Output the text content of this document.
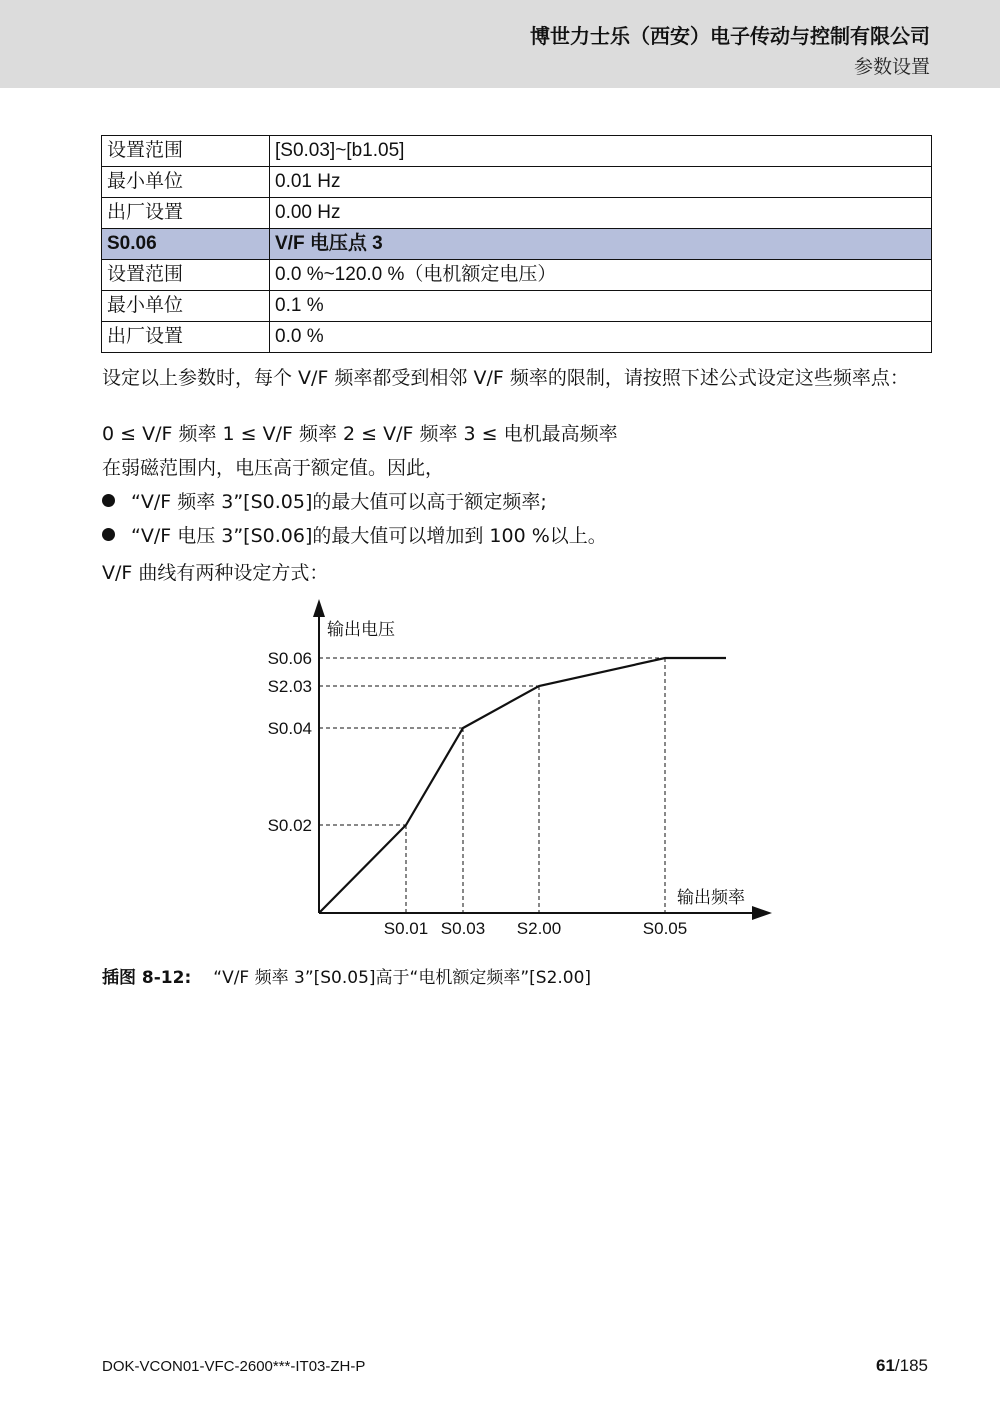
博世力士乐（西安）电子传动与控制有限公司
参数设置
设置范围	[S0.03]~[b1.05]
最小单位	0.01 Hz
出厂设置	0.00 Hz
S0.06	V/F 电压点 3
设置范围	0.0 %~120.0 %（电机额定电压）
最小单位	0.1 %
出厂设置	0.0 %
设定以上参数时，每个 V/F 频率都受到相邻 V/F 频率的限制，请按照下述公式设定这些频率点：
0 ≤ V/F 频率 1 ≤ V/F 频率 2 ≤ V/F 频率 3 ≤ 电机最高频率
在弱磁范围内，电压高于额定值。因此，
“V/F 频率 3”[S0.05]的最大值可以高于额定频率;
“V/F 电压 3”[S0.06]的最大值可以增加到 100 %以上。
V/F 曲线有两种设定方式：
输出电压
输出频率
S0.02
S0.04
S2.03
S0.06
S0.01 S0.03 S2.00	S0.05
插图 8-12: “V/F 频率 3”[S0.05]高于“电机额定频率”[S2.00]
DOK-VCON01-VFC-2600***-IT03-ZH-P	61/185
